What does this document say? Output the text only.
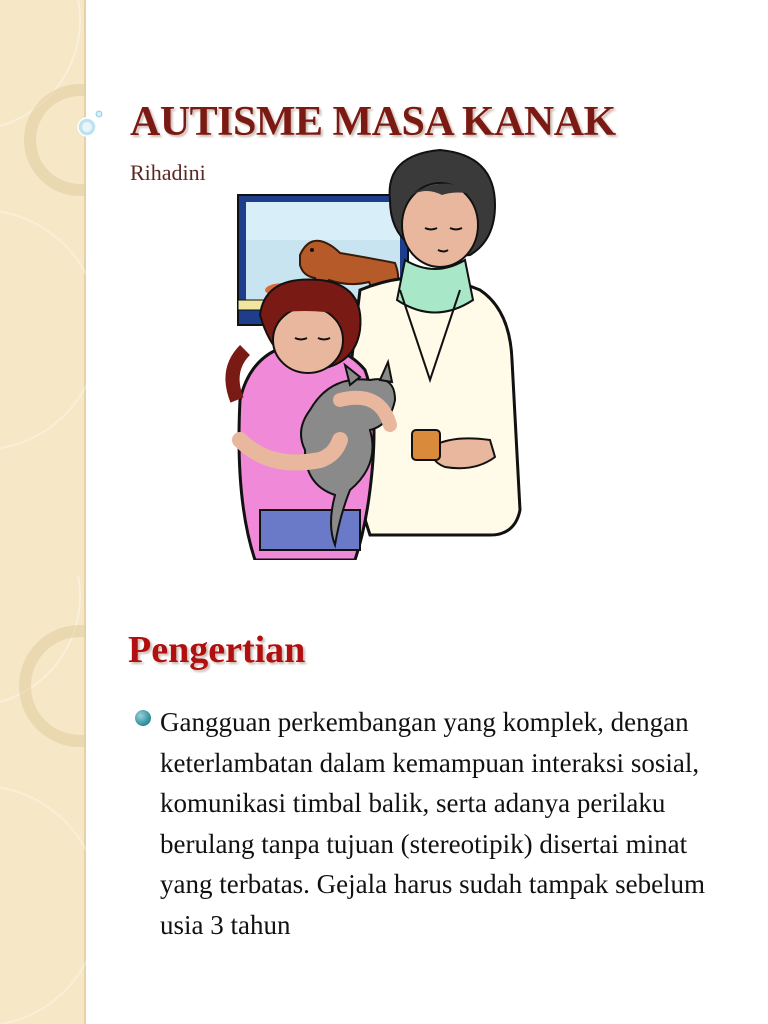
AUTISME MASA KANAK

Rihadini

Pengertian
Gangguan perkembangan yang komplek, dengan keterlambatan dalam kemampuan interaksi sosial, komunikasi timbal balik, serta adanya perilaku berulang tanpa tujuan (stereotipik) disertai minat yang terbatas. Gejala harus sudah tampak sebelum usia 3 tahun
